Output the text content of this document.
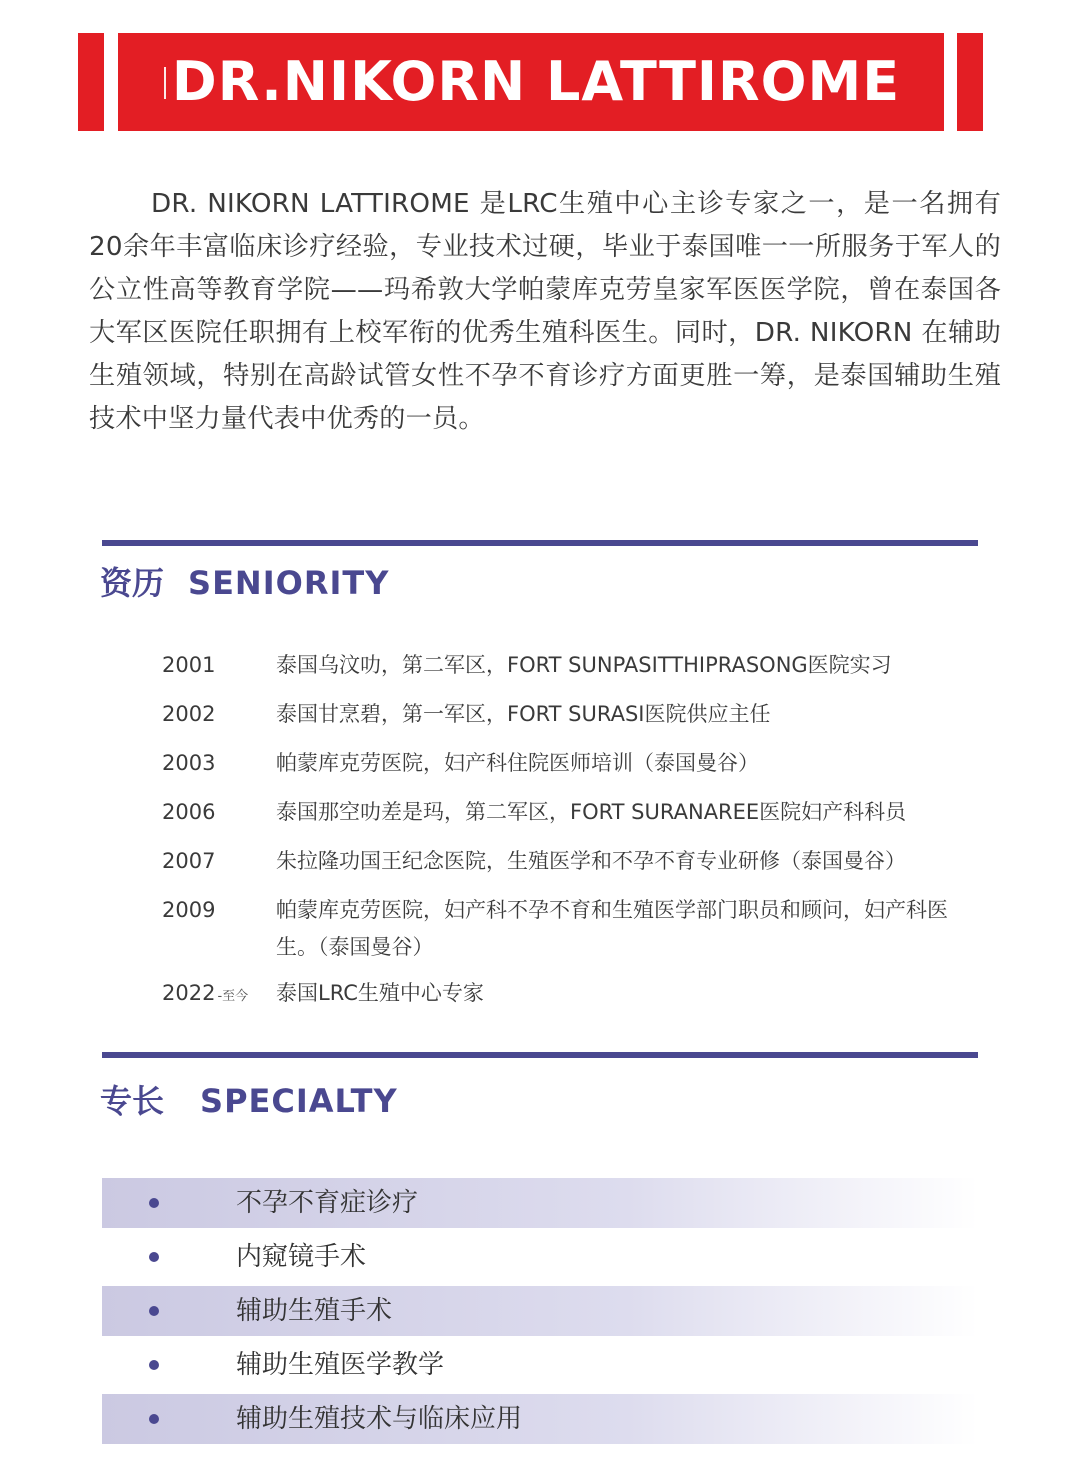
DR.NIKORN LATTIROME
DR. NIKORN LATTIROME 是LRC生殖中心主诊专家之一，是一名拥有20余年丰富临床诊疗经验，专业技术过硬，毕业于泰国唯一一所服务于军人的公立性高等教育学院——玛希敦大学帕蒙库克劳皇家军医医学院，曾在泰国各大军区医院任职拥有上校军衔的优秀生殖科医生。同时，DR. NIKORN 在辅助生殖领域，特别在高龄试管女性不孕不育诊疗方面更胜一筹，是泰国辅助生殖技术中坚力量代表中优秀的一员。
资历 SENIORITY
2001	泰国乌汶叻，第二军区，FORT SUNPASITTHIPRASONG医院实习
2002	泰国甘烹碧，第一军区，FORT SURASI医院供应主任
2003	帕蒙库克劳医院，妇产科住院医师培训（泰国曼谷）
2006	泰国那空叻差是玛，第二军区，FORT SURANAREE医院妇产科科员
2007	朱拉隆功国王纪念医院，生殖医学和不孕不育专业研修（泰国曼谷）
2009	帕蒙库克劳医院，妇产科不孕不育和生殖医学部门职员和顾问，妇产科医生。（泰国曼谷）
2022 -至今	泰国LRC生殖中心专家
专长 SPECIALTY
不孕不育症诊疗
内窥镜手术
辅助生殖手术
辅助生殖医学教学
辅助生殖技术与临床应用
